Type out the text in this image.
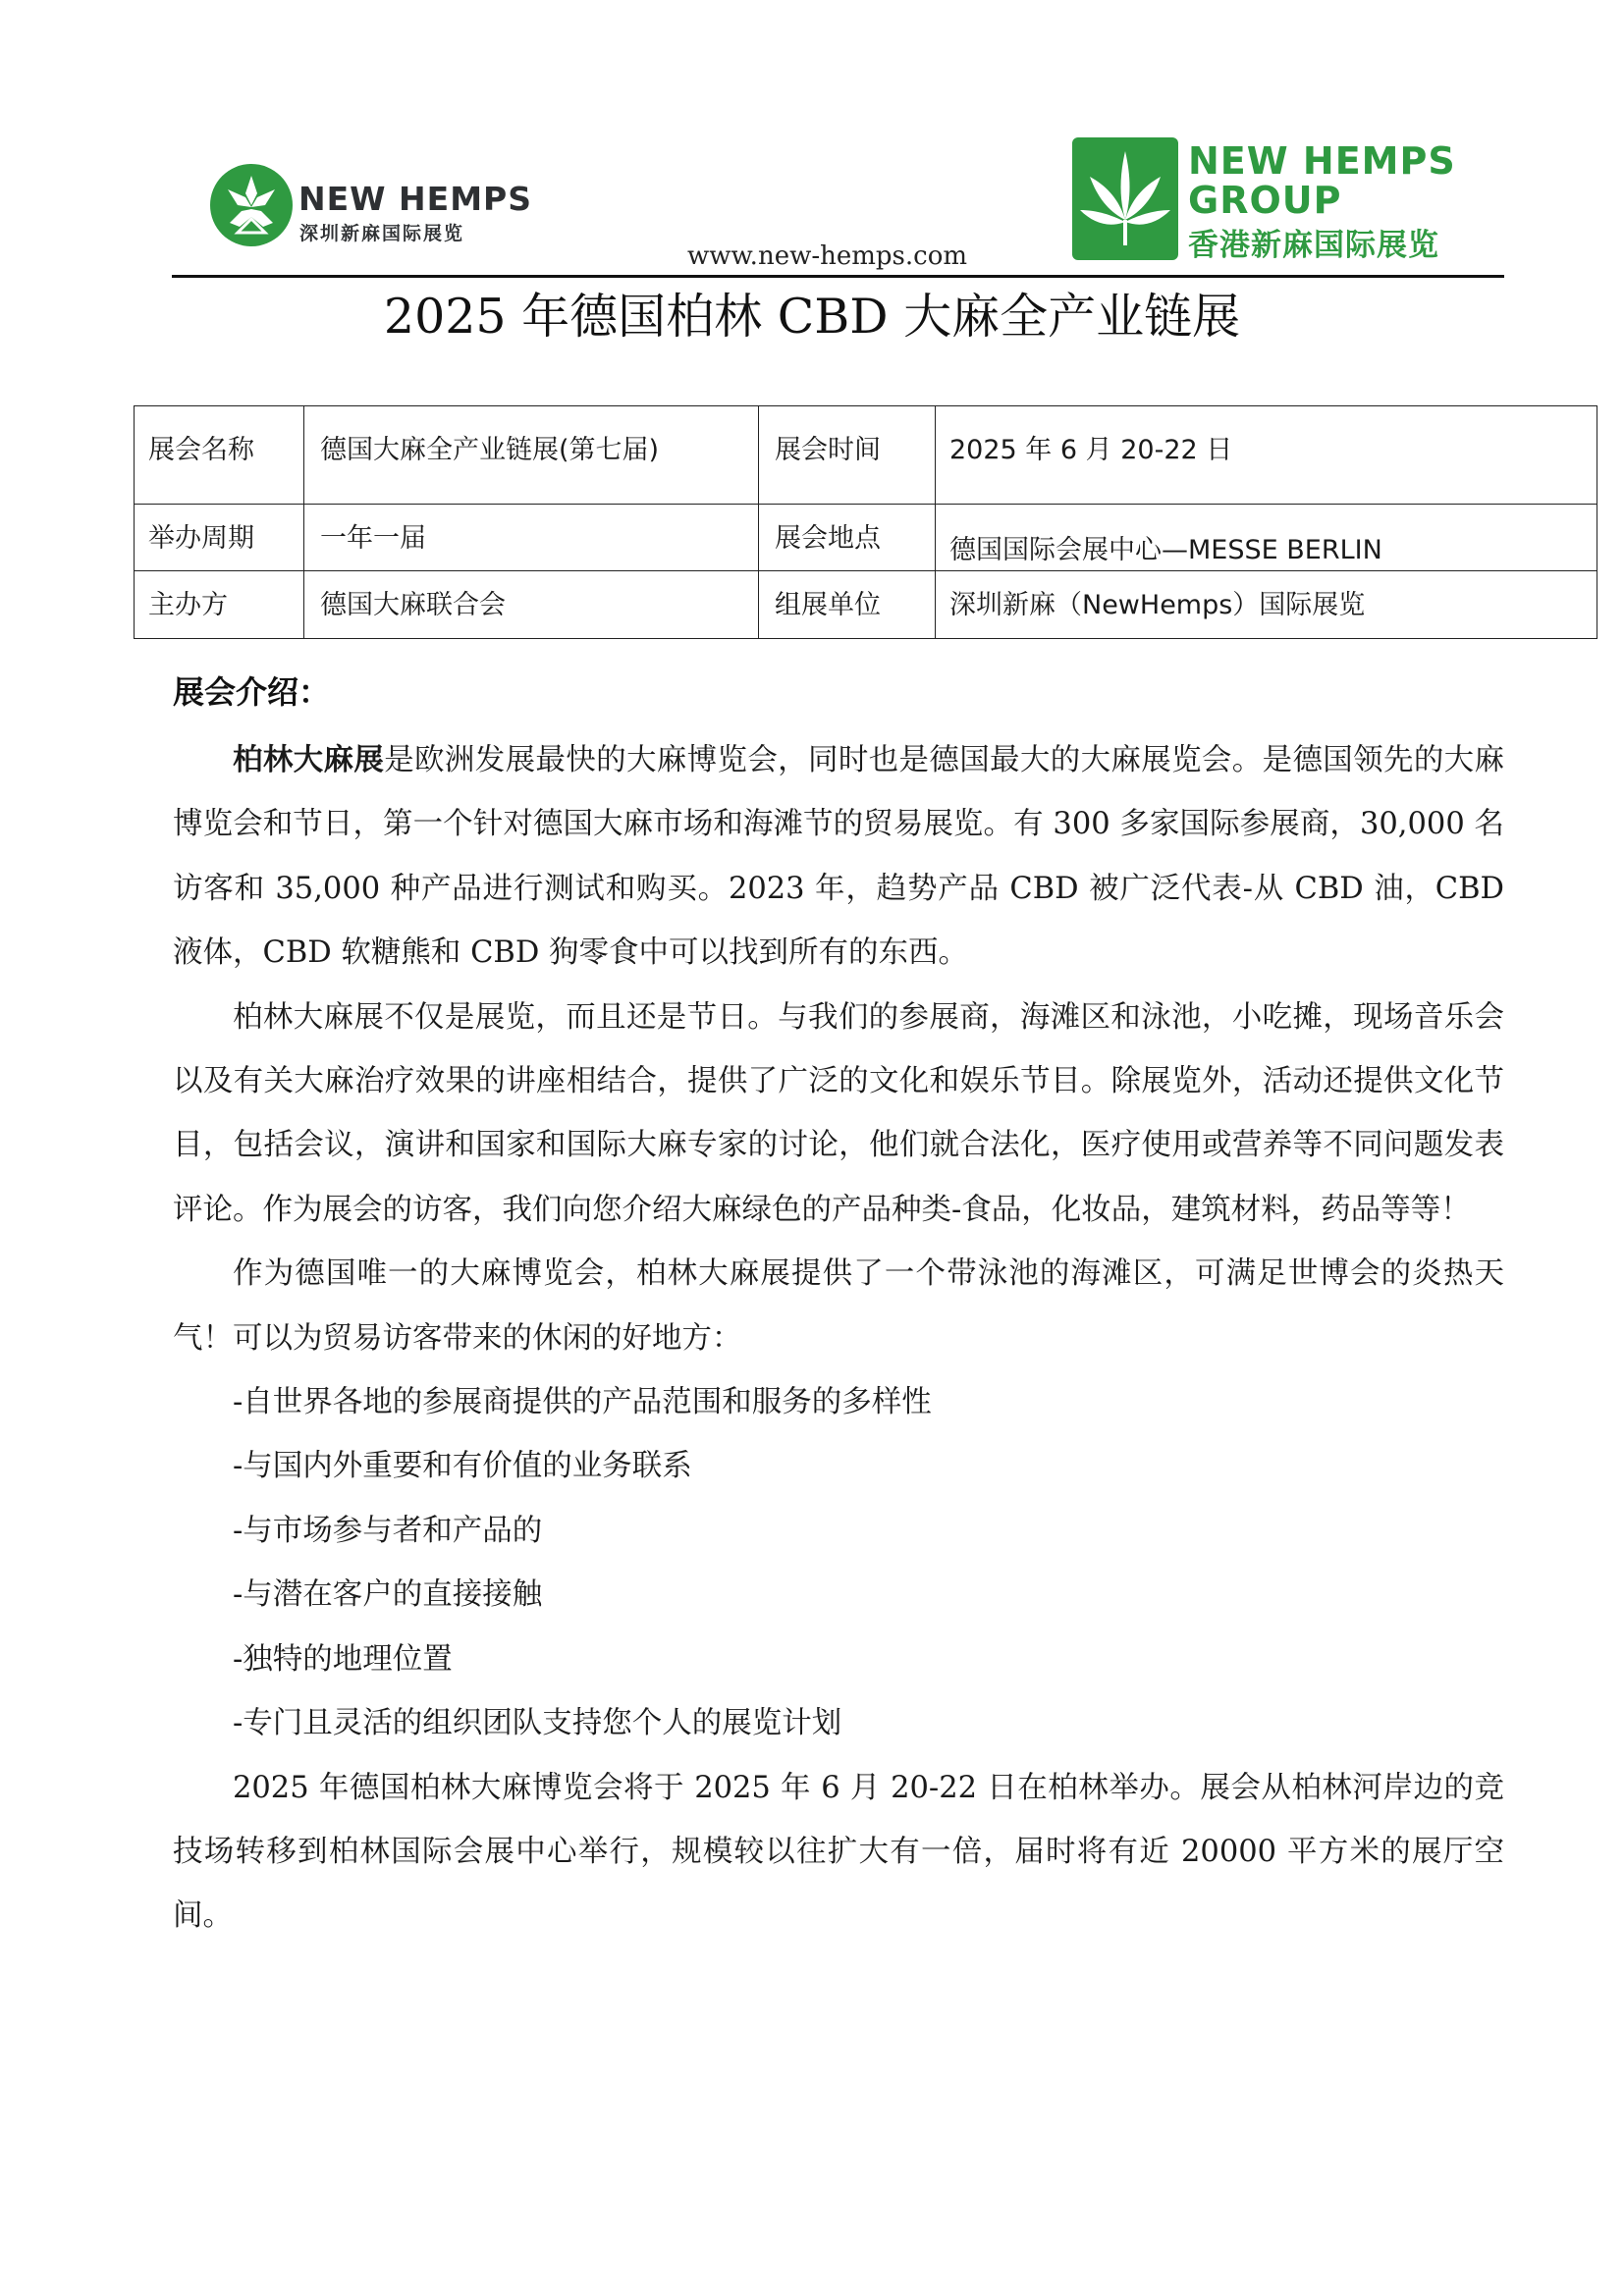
NEW HEMPS
深圳新麻国际展览
NEW HEMPS
GROUP
香港新麻国际展览
www.new-hemps.com
2025 年德国柏林 CBD 大麻全产业链展
展会名称	德国大麻全产业链展(第七届)	展会时间	2025 年 6 月 20-22 日
举办周期	一年一届	展会地点	德国国际会展中心—MESSE BERLIN
主办方	德国大麻联合会	组展单位	深圳新麻（NewHemps）国际展览
展会介绍：

柏林大麻展是欧洲发展最快的大麻博览会，同时也是德国最大的大麻展览会。是德国领先的大麻博览会和节日，第一个针对德国大麻市场和海滩节的贸易展览。有 300 多家国际参展商，30,000 名访客和 35,000 种产品进行测试和购买。2023 年，趋势产品 CBD 被广泛代表-从 CBD 油，CBD 液体，CBD 软糖熊和 CBD 狗零食中可以找到所有的东西。

柏林大麻展不仅是展览，而且还是节日。与我们的参展商，海滩区和泳池，小吃摊，现场音乐会以及有关大麻治疗效果的讲座相结合，提供了广泛的文化和娱乐节目。除展览外，活动还提供文化节目，包括会议，演讲和国家和国际大麻专家的讨论，他们就合法化，医疗使用或营养等不同问题发表评论。作为展会的访客，我们向您介绍大麻绿色的产品种类-食品，化妆品，建筑材料，药品等等！

作为德国唯一的大麻博览会，柏林大麻展提供了一个带泳池的海滩区，可满足世博会的炎热天气！可以为贸易访客带来的休闲的好地方：

-自世界各地的参展商提供的产品范围和服务的多样性

-与国内外重要和有价值的业务联系

-与市场参与者和产品的

-与潜在客户的直接接触

-独特的地理位置

-专门且灵活的组织团队支持您个人的展览计划

2025 年德国柏林大麻博览会将于 2025 年 6 月 20-22 日在柏林举办。展会从柏林河岸边的竞技场转移到柏林国际会展中心举行，规模较以往扩大有一倍，届时将有近 20000 平方米的展厅空间。
